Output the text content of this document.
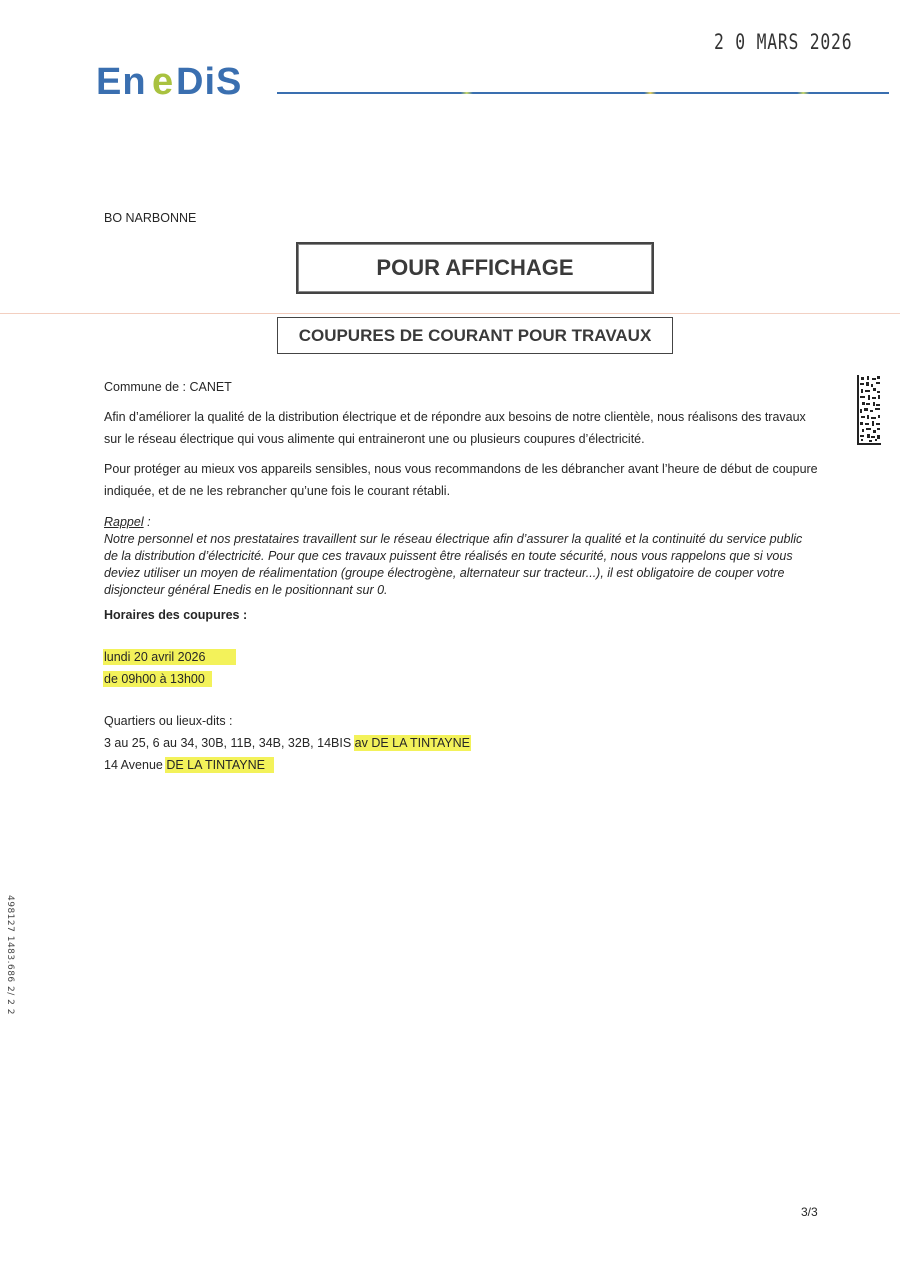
En e DiS
2 0 MARS 2026
BO NARBONNE
POUR AFFICHAGE
COUPURES DE COURANT POUR TRAVAUX
Commune de : CANET
Afin d’améliorer la qualité de la distribution électrique et de répondre aux besoins de notre clientèle, nous réalisons des travaux
sur le réseau électrique qui vous alimente qui entraineront une ou plusieurs coupures d’électricité.
Pour protéger au mieux vos appareils sensibles, nous vous recommandons de les débrancher avant l’heure de début de coupure
indiquée, et de ne les rebrancher qu’une fois le courant rétabli.
Rappel :
Notre personnel et nos prestataires travaillent sur le réseau électrique afin d’assurer la qualité et la continuité du service public
de la distribution d’électricité. Pour que ces travaux puissent être réalisés en toute sécurité, nous vous rappelons que si vous
deviez utiliser un moyen de réalimentation (groupe électrogène, alternateur sur tracteur...), il est obligatoire de couper votre
disjoncteur général Enedis en le positionnant sur 0.
Horaires des coupures :
lundi 20 avril 2026
de 09h00 à 13h00
Quartiers ou lieux-dits :
3 au 25, 6 au 34, 30B, 11B, 34B, 32B, 14BIS av DE LA TINTAYNE
14 Avenue DE LA TINTAYNE
498127 1483.686 2/ 2 2
3/3
